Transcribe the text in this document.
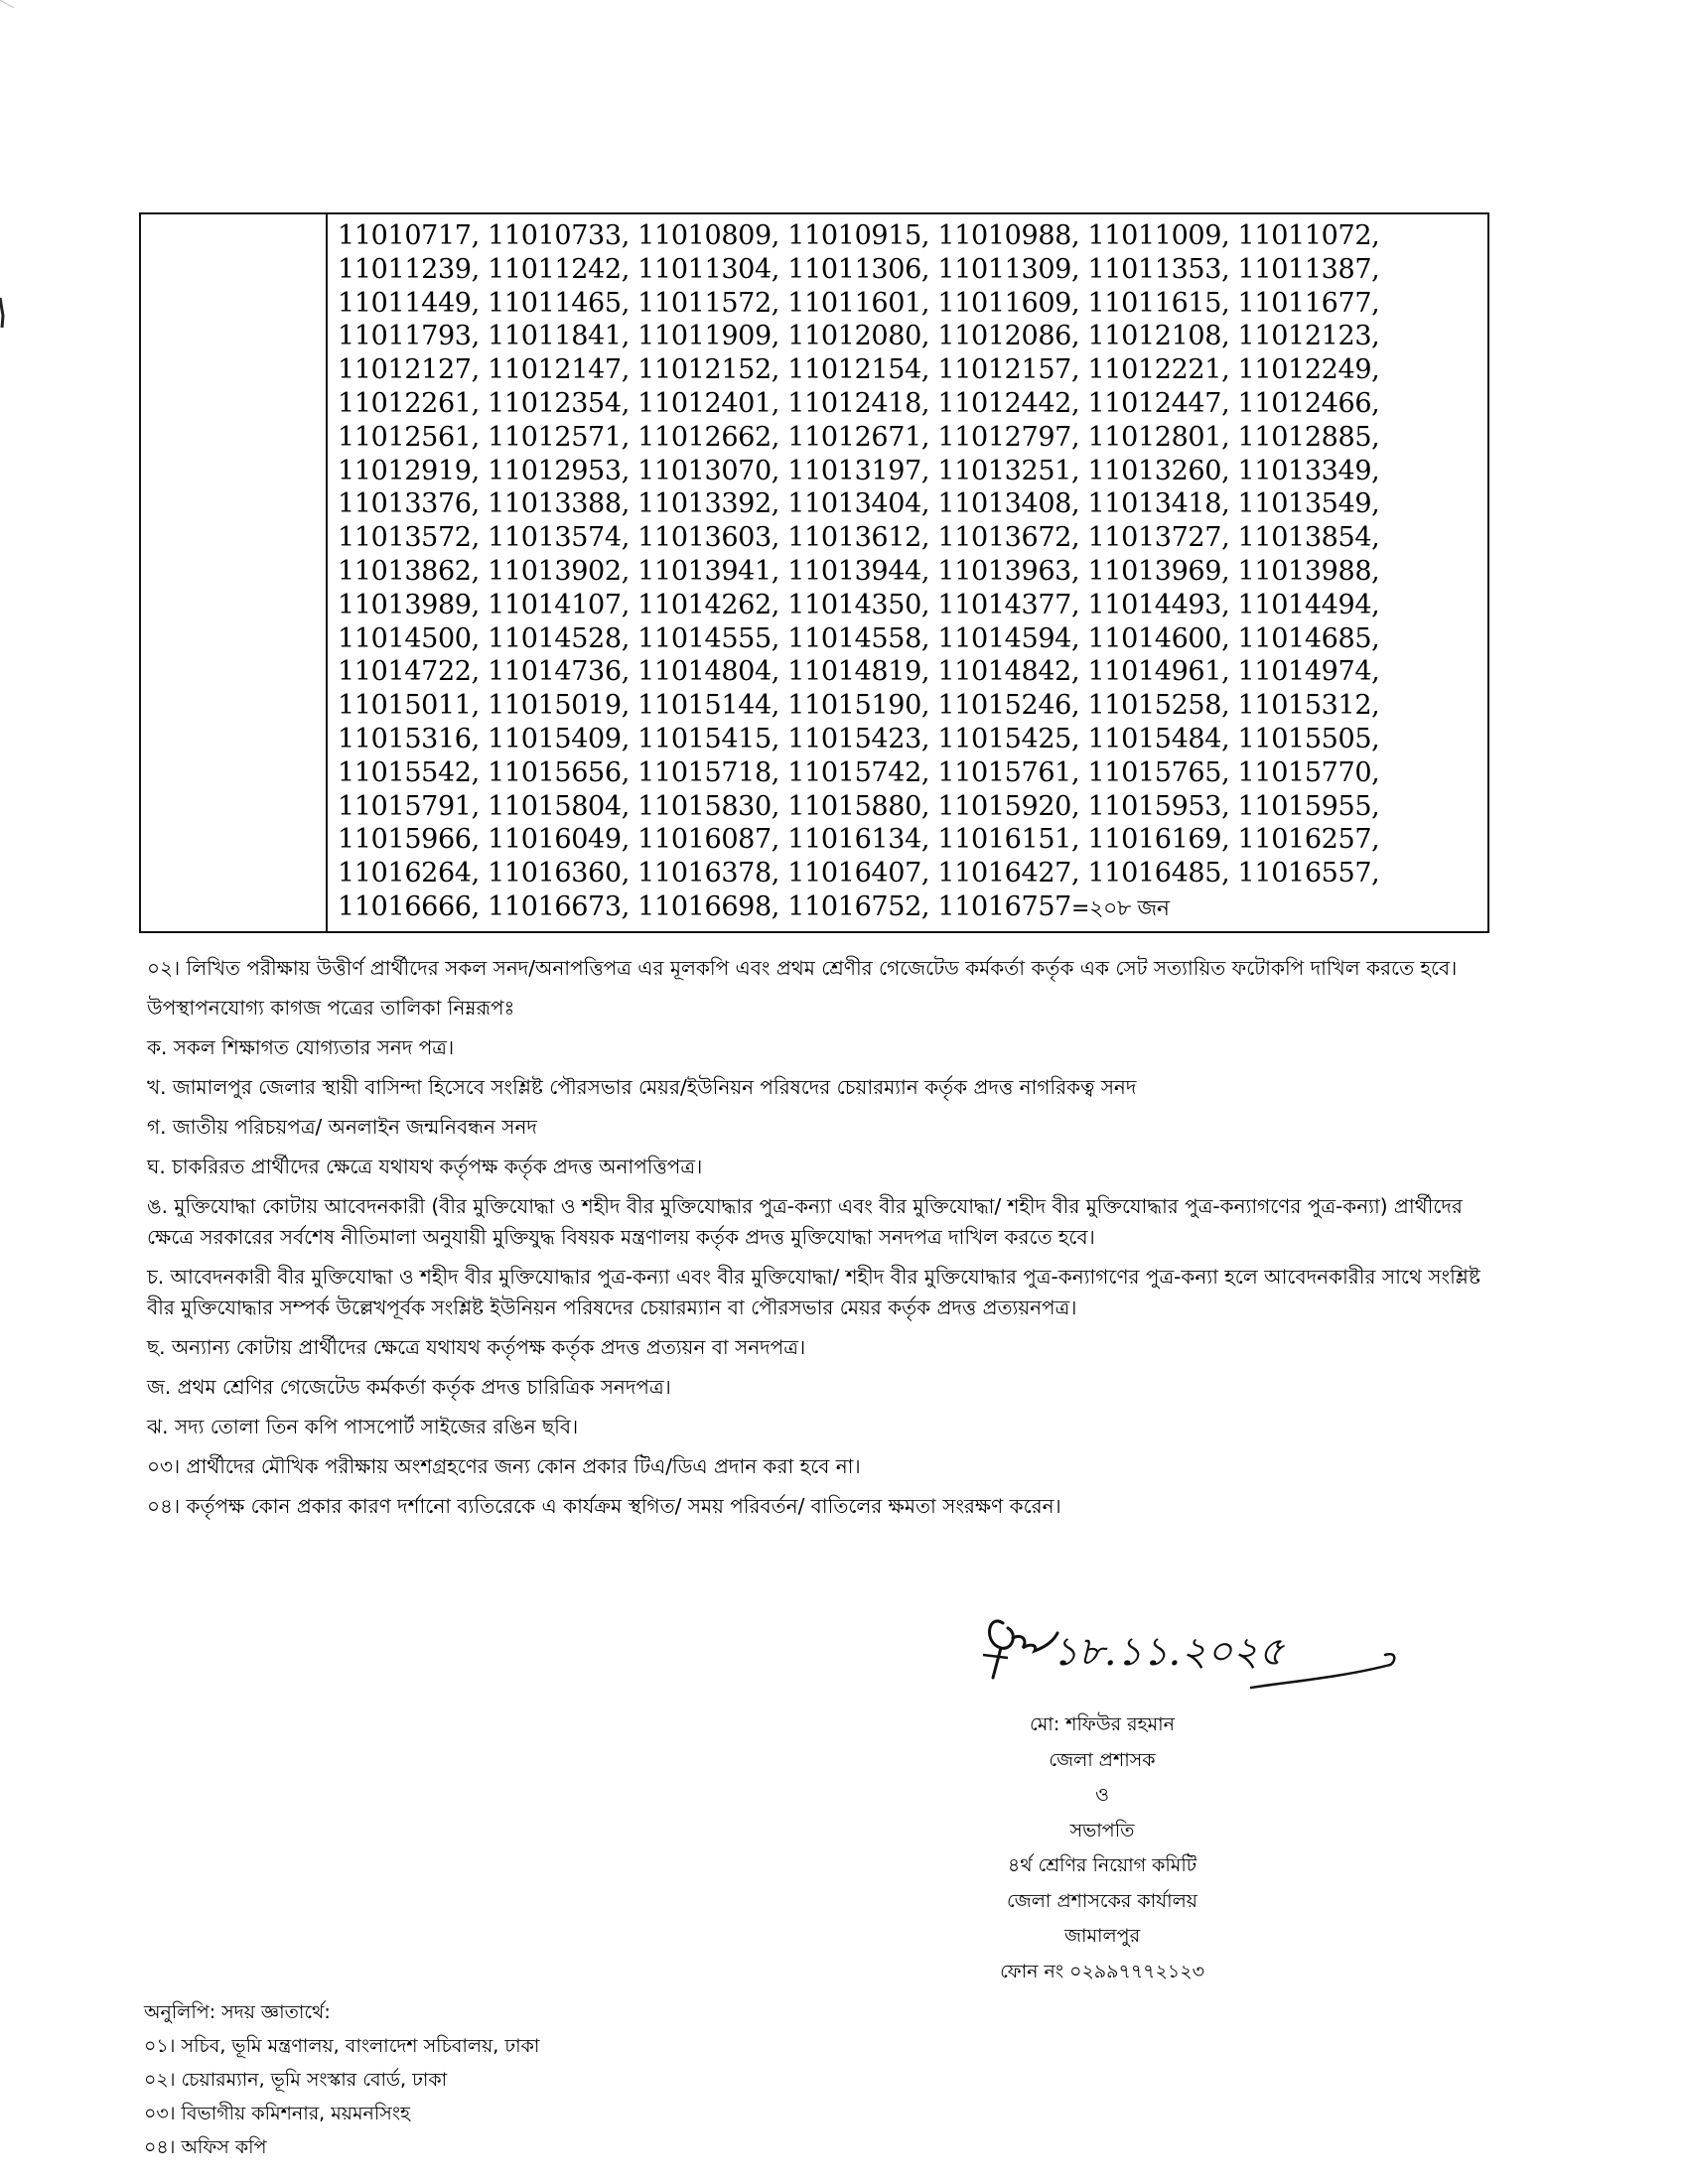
11010717, 11010733, 11010809, 11010915, 11010988, 11011009, 11011072,
11011239, 11011242, 11011304, 11011306, 11011309, 11011353, 11011387,
11011449, 11011465, 11011572, 11011601, 11011609, 11011615, 11011677,
11011793, 11011841, 11011909, 11012080, 11012086, 11012108, 11012123,
11012127, 11012147, 11012152, 11012154, 11012157, 11012221, 11012249,
11012261, 11012354, 11012401, 11012418, 11012442, 11012447, 11012466,
11012561, 11012571, 11012662, 11012671, 11012797, 11012801, 11012885,
11012919, 11012953, 11013070, 11013197, 11013251, 11013260, 11013349,
11013376, 11013388, 11013392, 11013404, 11013408, 11013418, 11013549,
11013572, 11013574, 11013603, 11013612, 11013672, 11013727, 11013854,
11013862, 11013902, 11013941, 11013944, 11013963, 11013969, 11013988,
11013989, 11014107, 11014262, 11014350, 11014377, 11014493, 11014494,
11014500, 11014528, 11014555, 11014558, 11014594, 11014600, 11014685,
11014722, 11014736, 11014804, 11014819, 11014842, 11014961, 11014974,
11015011, 11015019, 11015144, 11015190, 11015246, 11015258, 11015312,
11015316, 11015409, 11015415, 11015423, 11015425, 11015484, 11015505,
11015542, 11015656, 11015718, 11015742, 11015761, 11015765, 11015770,
11015791, 11015804, 11015830, 11015880, 11015920, 11015953, 11015955,
11015966, 11016049, 11016087, 11016134, 11016151, 11016169, 11016257,
11016264, 11016360, 11016378, 11016407, 11016427, 11016485, 11016557,
11016666, 11016673, 11016698, 11016752, 11016757=২০৮ জন

০২। লিখিত পরীক্ষায় উত্তীর্ণ প্রার্থীদের সকল সনদ/অনাপত্তিপত্র এর মূলকপি এবং প্রথম শ্রেণীর গেজেটেড কর্মকর্তা কর্তৃক এক সেট সত্যায়িত ফটোকপি দাখিল করতে হবে।

উপস্থাপনযোগ্য কাগজ পত্রের তালিকা নিম্নরূপঃ

ক. সকল শিক্ষাগত যোগ্যতার সনদ পত্র।

খ. জামালপুর জেলার স্থায়ী বাসিন্দা হিসেবে সংশ্লিষ্ট পৌরসভার মেয়র/ইউনিয়ন পরিষদের চেয়ারম্যান কর্তৃক প্রদত্ত নাগরিকত্ব সনদ

গ. জাতীয় পরিচয়পত্র/ অনলাইন জন্মনিবন্ধন সনদ

ঘ. চাকরিরত প্রার্থীদের ক্ষেত্রে যথাযথ কর্তৃপক্ষ কর্তৃক প্রদত্ত অনাপত্তিপত্র।

ঙ. মুক্তিযোদ্ধা কোটায় আবেদনকারী (বীর মুক্তিযোদ্ধা ও শহীদ বীর মুক্তিযোদ্ধার পুত্র-কন্যা এবং বীর মুক্তিযোদ্ধা/ শহীদ বীর মুক্তিযোদ্ধার পুত্র-কন্যাগণের পুত্র-কন্যা) প্রার্থীদের ক্ষেত্রে সরকারের সর্বশেষ নীতিমালা অনুযায়ী মুক্তিযুদ্ধ বিষয়ক মন্ত্রণালয় কর্তৃক প্রদত্ত মুক্তিযোদ্ধা সনদপত্র দাখিল করতে হবে।

চ. আবেদনকারী বীর মুক্তিযোদ্ধা ও শহীদ বীর মুক্তিযোদ্ধার পুত্র-কন্যা এবং বীর মুক্তিযোদ্ধা/ শহীদ বীর মুক্তিযোদ্ধার পুত্র-কন্যাগণের পুত্র-কন্যা হলে আবেদনকারীর সাথে সংশ্লিষ্ট বীর মুক্তিযোদ্ধার সম্পর্ক উল্লেখপূর্বক সংশ্লিষ্ট ইউনিয়ন পরিষদের চেয়ারম্যান বা পৌরসভার মেয়র কর্তৃক প্রদত্ত প্রত্যয়নপত্র।

ছ. অন্যান্য কোটায় প্রার্থীদের ক্ষেত্রে যথাযথ কর্তৃপক্ষ কর্তৃক প্রদত্ত প্রত্যয়ন বা সনদপত্র।

জ. প্রথম শ্রেণির গেজেটেড কর্মকর্তা কর্তৃক প্রদত্ত চারিত্রিক সনদপত্র।

ঝ. সদ্য তোলা তিন কপি পাসপোর্ট সাইজের রঙিন ছবি।

০৩। প্রার্থীদের মৌখিক পরীক্ষায় অংশগ্রহণের জন্য কোন প্রকার টিএ/ডিএ প্রদান করা হবে না।

০৪। কর্তৃপক্ষ কোন প্রকার কারণ দর্শানো ব্যতিরেকে এ কার্যক্রম স্থগিত/ সময় পরিবর্তন/ বাতিলের ক্ষমতা সংরক্ষণ করেন।

১৮.১১.২০২৫
মো: শফিউর রহমান
জেলা প্রশাসক
ও
সভাপতি
৪র্থ শ্রেণির নিয়োগ কমিটি
জেলা প্রশাসকের কার্যালয়
জামালপুর
ফোন নং ০২৯৯৭৭৭২১২৩
অনুলিপি: সদয় জ্ঞাতার্থে:
০১। সচিব, ভূমি মন্ত্রণালয়, বাংলাদেশ সচিবালয়, ঢাকা
০২। চেয়ারম্যান, ভূমি সংস্কার বোর্ড, ঢাকা
০৩। বিভাগীয় কমিশনার, ময়মনসিংহ
০৪। অফিস কপি
